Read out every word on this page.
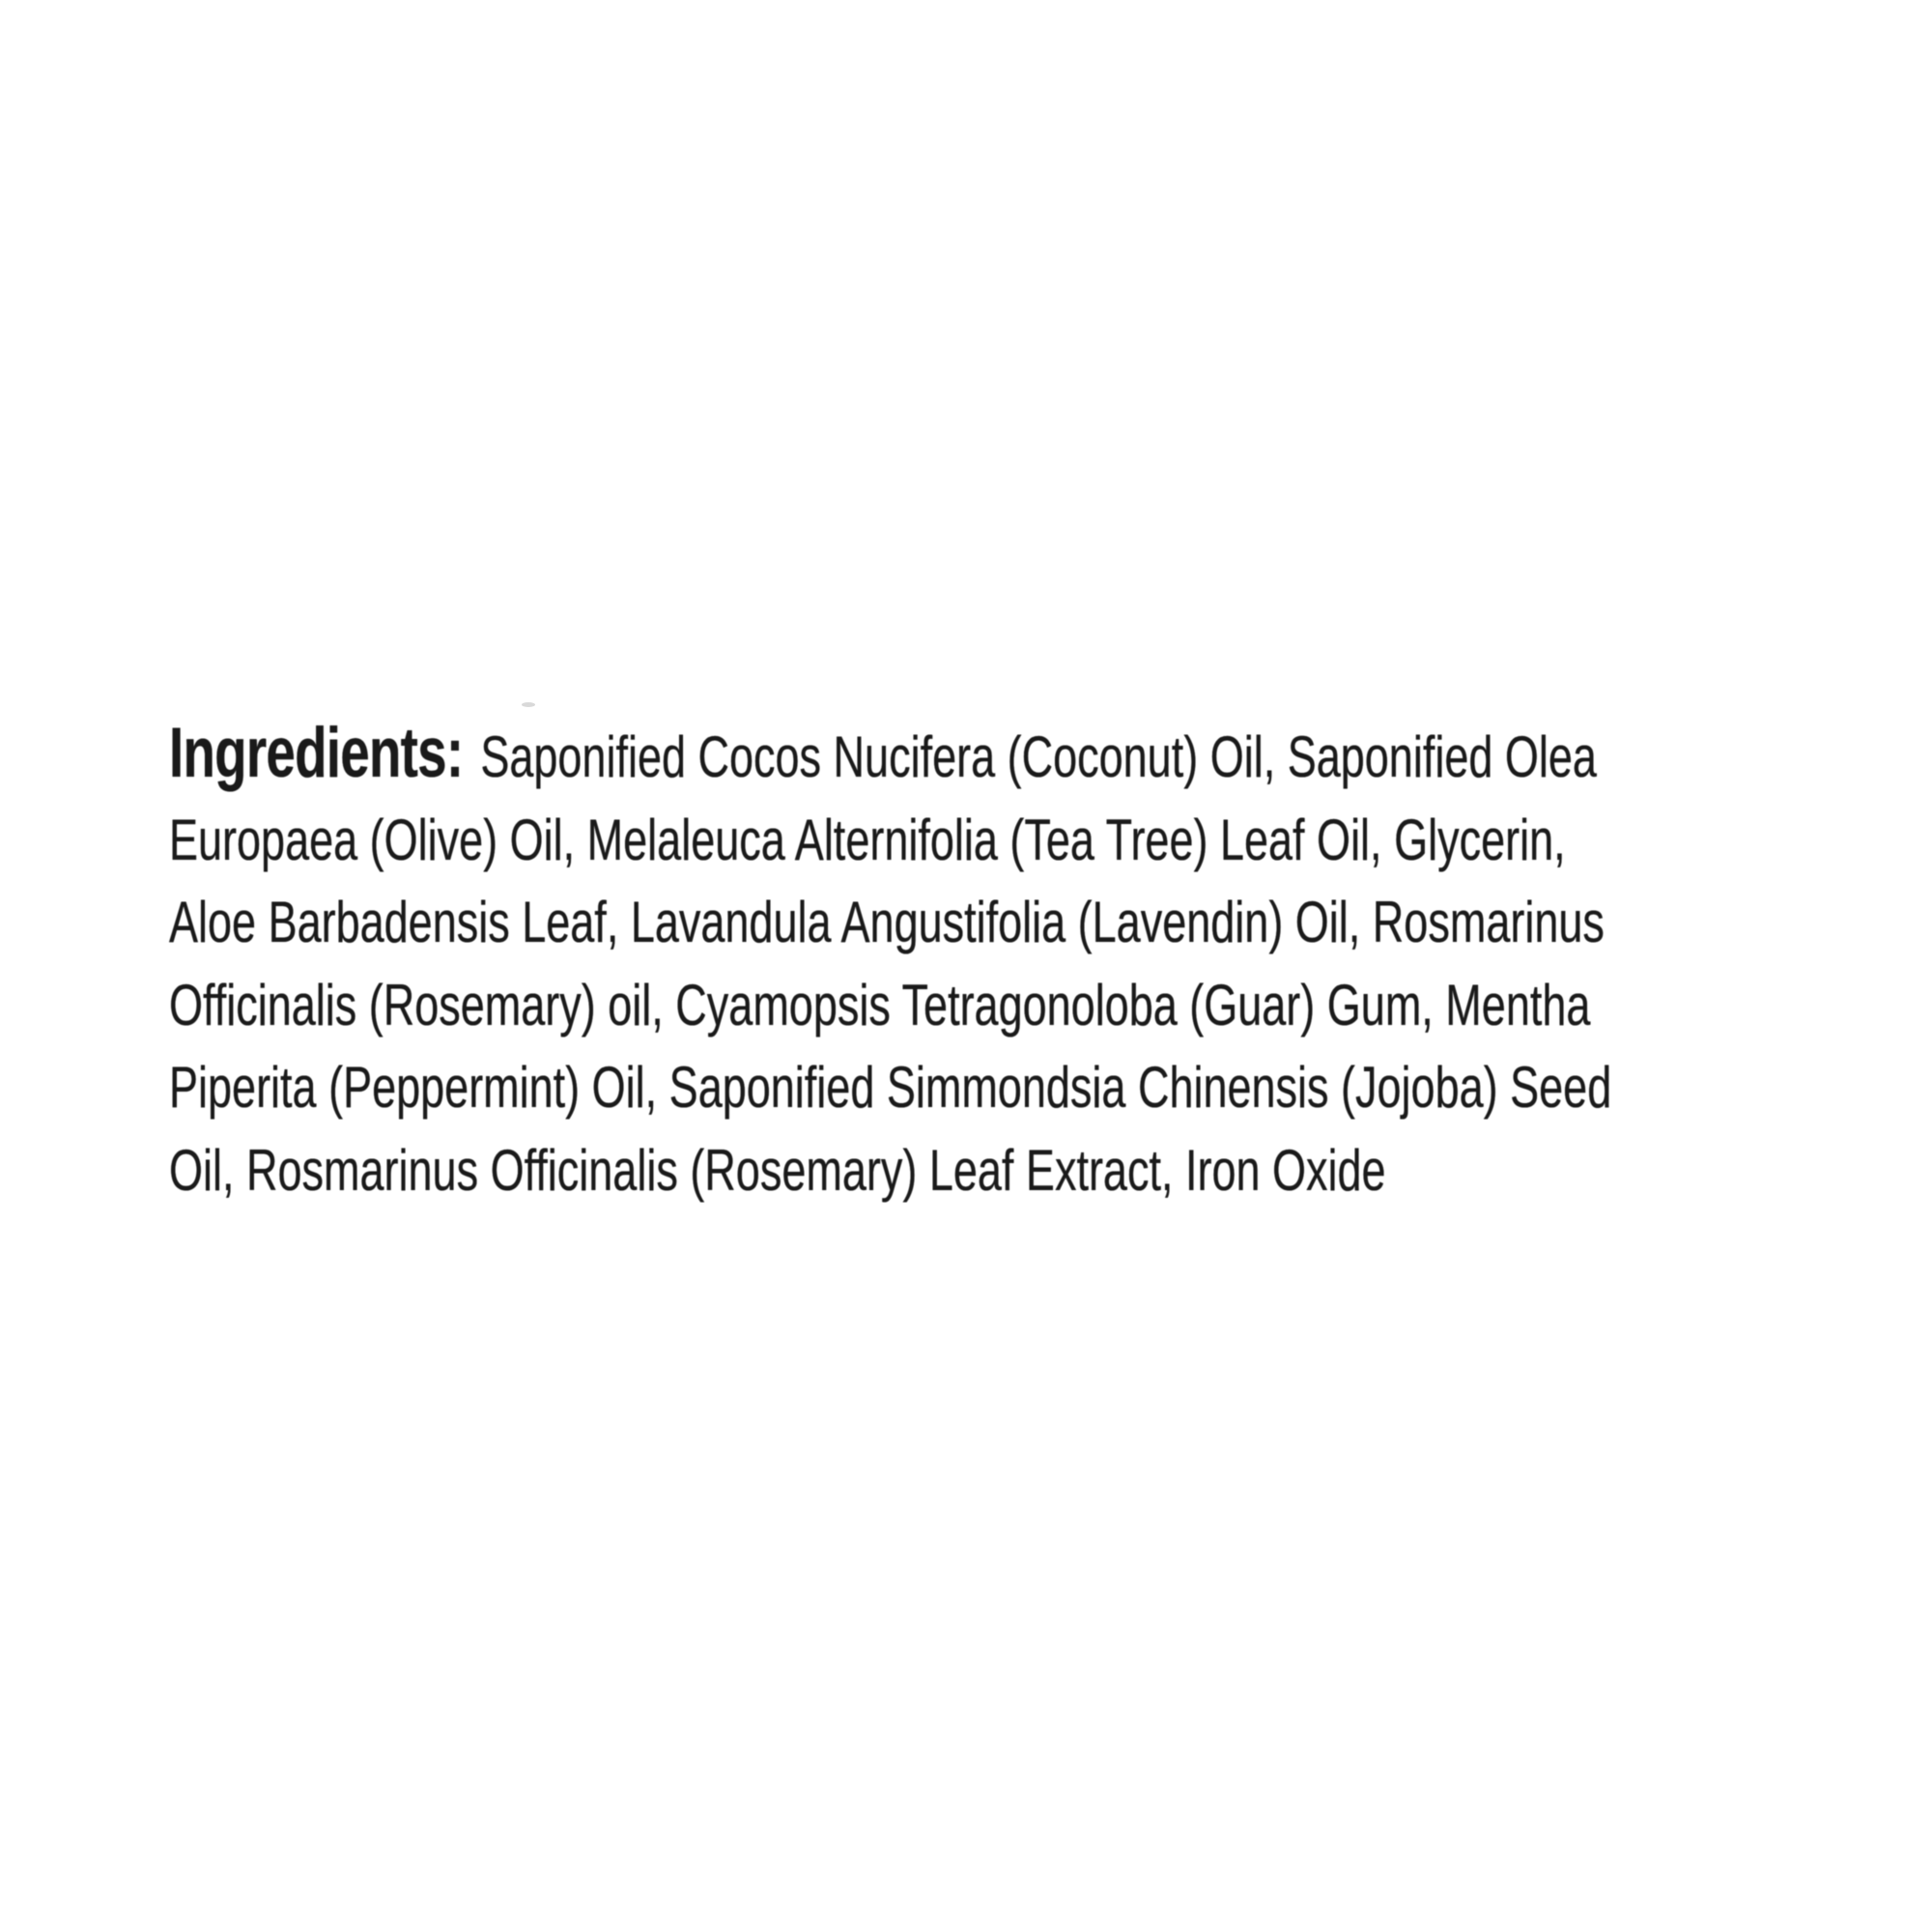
Ingredients: Saponified Cocos Nucifera (Coconut) Oil, Saponified Olea

Europaea (Olive) Oil, Melaleuca Alternifolia (Tea Tree) Leaf Oil, Glycerin,

Aloe Barbadensis Leaf, Lavandula Angustifolia (Lavendin) Oil, Rosmarinus

Officinalis (Rosemary) oil, Cyamopsis Tetragonoloba (Guar) Gum, Mentha

Piperita (Peppermint) Oil, Saponified Simmondsia Chinensis (Jojoba) Seed

Oil, Rosmarinus Officinalis (Rosemary) Leaf Extract, Iron Oxide
